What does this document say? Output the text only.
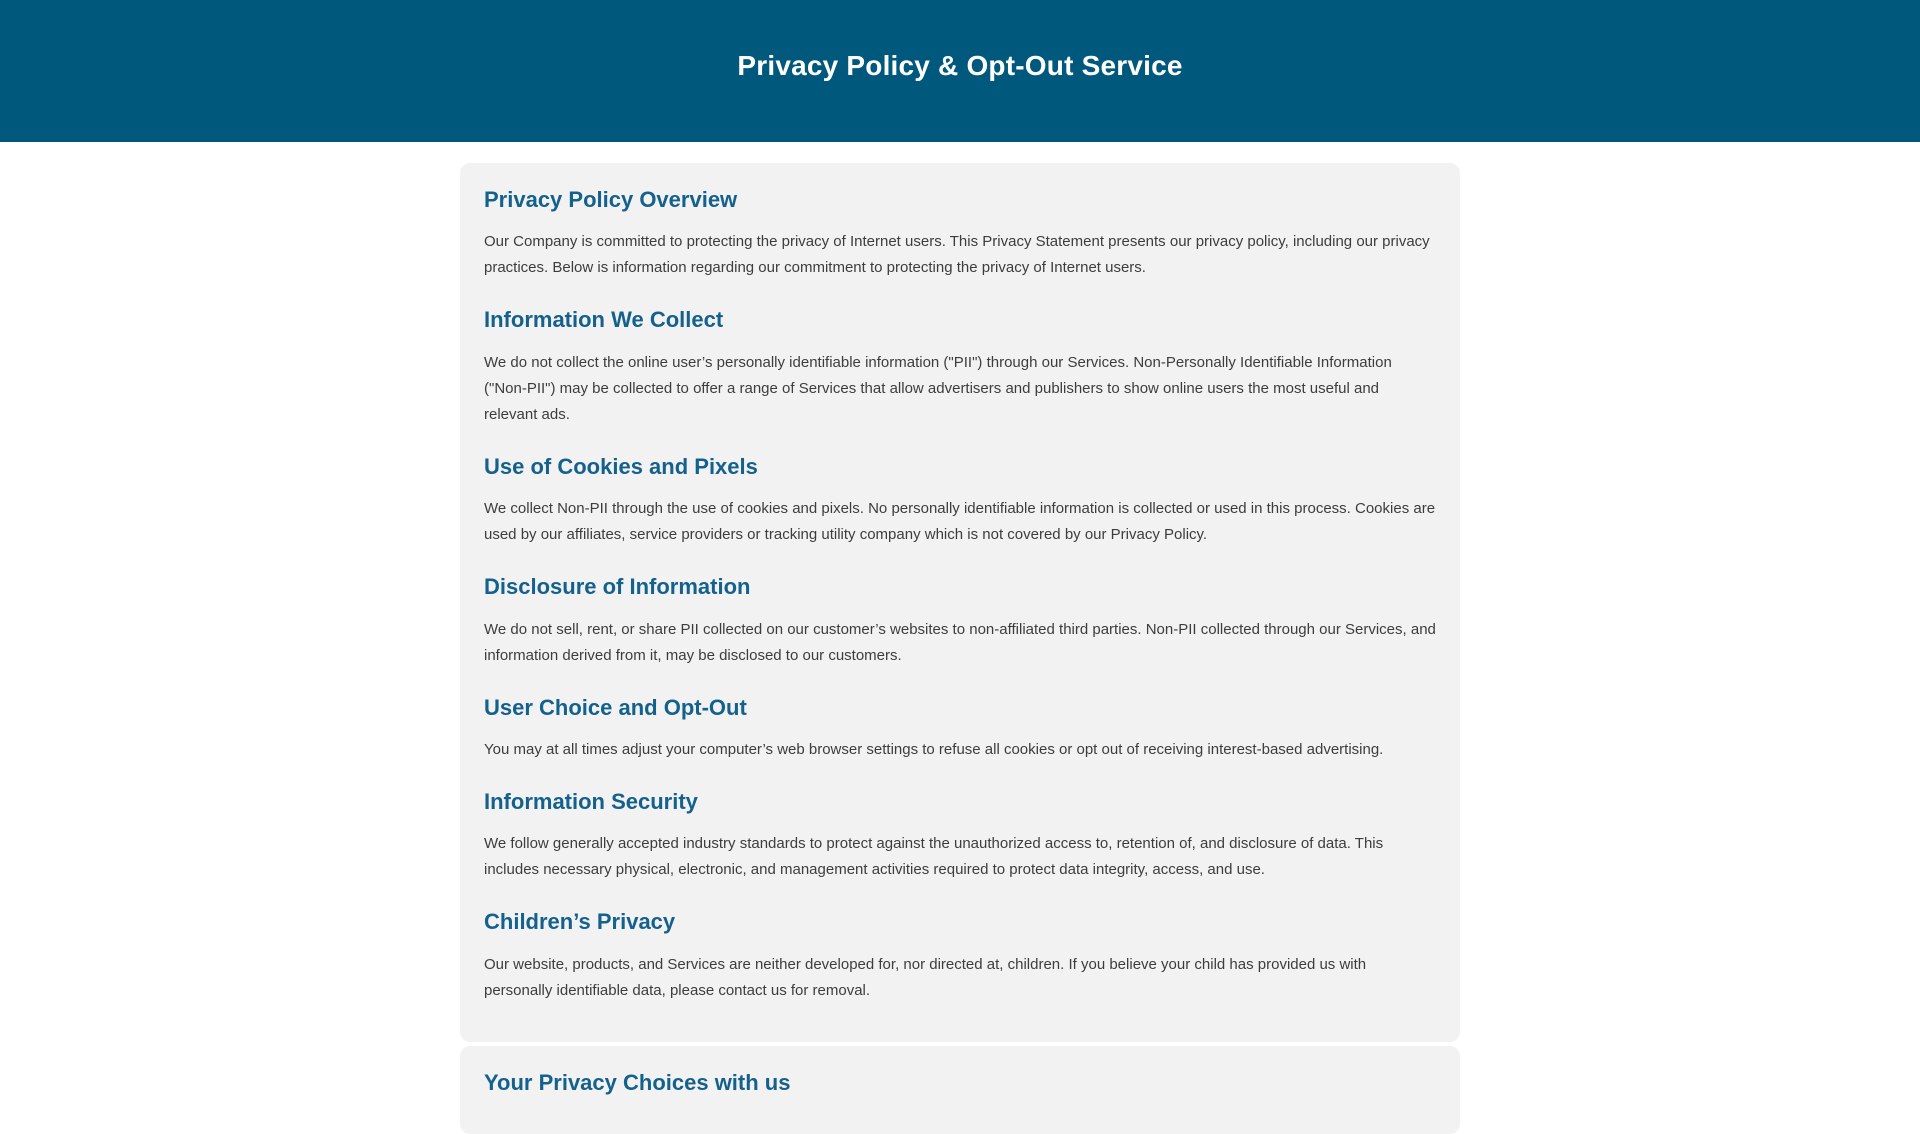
Privacy Policy & Opt-Out Service
Privacy Policy Overview

Our Company is committed to protecting the privacy of Internet users. This Privacy Statement presents our privacy policy, including our privacy practices. Below is information regarding our commitment to protecting the privacy of Internet users.

Information We Collect

We do not collect the online user’s personally identifiable information ("PII") through our Services. Non-Personally Identifiable Information ("Non-PII") may be collected to offer a range of Services that allow advertisers and publishers to show online users the most useful and relevant ads.

Use of Cookies and Pixels

We collect Non-PII through the use of cookies and pixels. No personally identifiable information is collected or used in this process. Cookies are used by our affiliates, service providers or tracking utility company which is not covered by our Privacy Policy.

Disclosure of Information

We do not sell, rent, or share PII collected on our customer’s websites to non-affiliated third parties. Non-PII collected through our Services, and information derived from it, may be disclosed to our customers.

User Choice and Opt-Out

You may at all times adjust your computer’s web browser settings to refuse all cookies or opt out of receiving interest-based advertising.

Information Security

We follow generally accepted industry standards to protect against the unauthorized access to, retention of, and disclosure of data. This includes necessary physical, electronic, and management activities required to protect data integrity, access, and use.

Children’s Privacy

Our website, products, and Services are neither developed for, nor directed at, children. If you believe your child has provided us with personally identifiable data, please contact us for removal.

Your Privacy Choices with us
